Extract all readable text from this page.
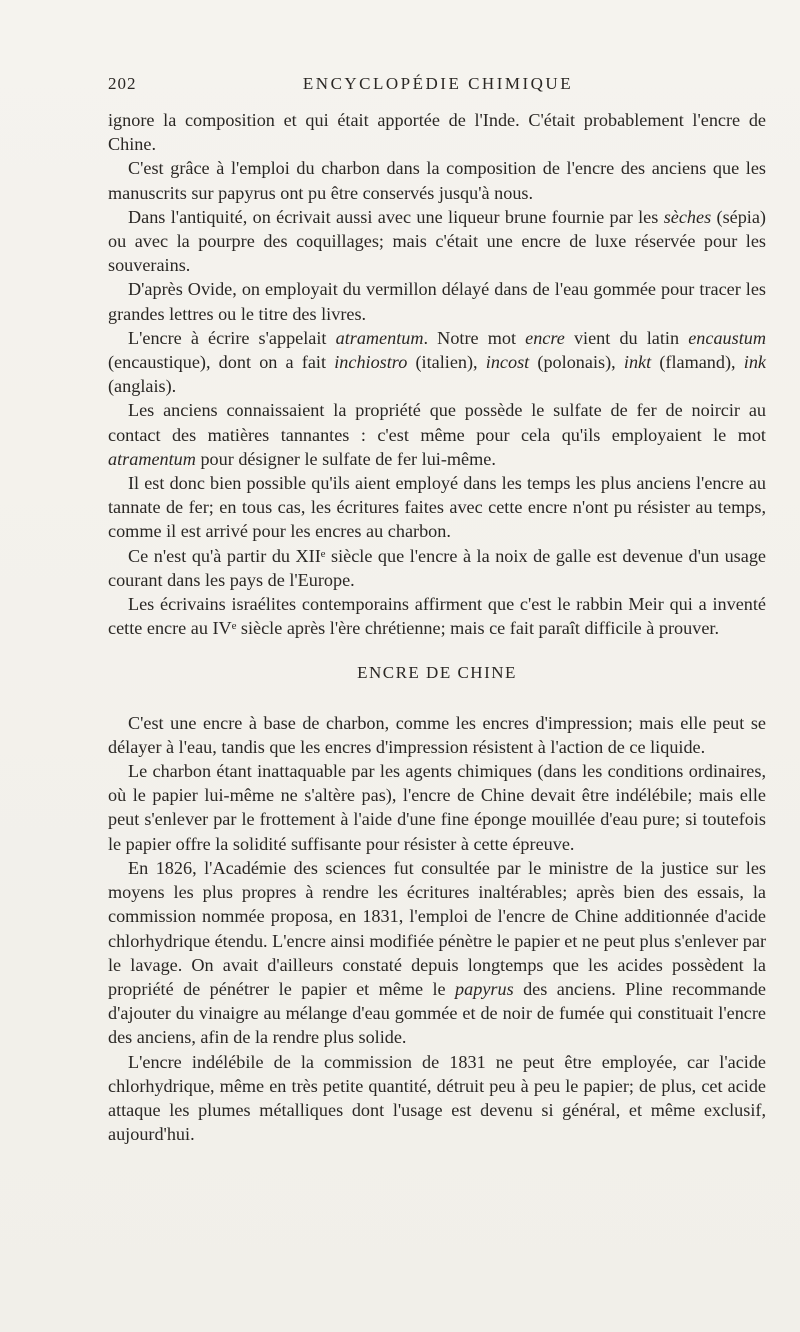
202	ENCYCLOPÉDIE CHIMIQUE

ignore la composition et qui était apportée de l'Inde. C'était probablement l'encre de Chine.

C'est grâce à l'emploi du charbon dans la composition de l'encre des anciens que les manuscrits sur papyrus ont pu être conservés jusqu'à nous.

Dans l'antiquité, on écrivait aussi avec une liqueur brune fournie par les sèches (sépia) ou avec la pourpre des coquillages; mais c'était une encre de luxe réservée pour les souverains.

D'après Ovide, on employait du vermillon délayé dans de l'eau gommée pour tracer les grandes lettres ou le titre des livres.

L'encre à écrire s'appelait atramentum. Notre mot encre vient du latin encaustum (encaustique), dont on a fait inchiostro (italien), incost (polonais), inkt (flamand), ink (anglais).

Les anciens connaissaient la propriété que possède le sulfate de fer de noircir au contact des matières tannantes : c'est même pour cela qu'ils employaient le mot atramentum pour désigner le sulfate de fer lui-même.

Il est donc bien possible qu'ils aient employé dans les temps les plus anciens l'encre au tannate de fer; en tous cas, les écritures faites avec cette encre n'ont pu résister au temps, comme il est arrivé pour les encres au charbon.

Ce n'est qu'à partir du XIIᵉ siècle que l'encre à la noix de galle est devenue d'un usage courant dans les pays de l'Europe.

Les écrivains israélites contemporains affirment que c'est le rabbin Meir qui a inventé cette encre au IVᵉ siècle après l'ère chrétienne; mais ce fait paraît difficile à prouver.

ENCRE DE CHINE

C'est une encre à base de charbon, comme les encres d'impression; mais elle peut se délayer à l'eau, tandis que les encres d'impression résistent à l'action de ce liquide.

Le charbon étant inattaquable par les agents chimiques (dans les conditions ordinaires, où le papier lui-même ne s'altère pas), l'encre de Chine devait être indélébile; mais elle peut s'enlever par le frottement à l'aide d'une fine éponge mouillée d'eau pure; si toutefois le papier offre la solidité suffisante pour résister à cette épreuve.

En 1826, l'Académie des sciences fut consultée par le ministre de la justice sur les moyens les plus propres à rendre les écritures inaltérables; après bien des essais, la commission nommée proposa, en 1831, l'emploi de l'encre de Chine additionnée d'acide chlorhydrique étendu. L'encre ainsi modifiée pénètre le papier et ne peut plus s'enlever par le lavage. On avait d'ailleurs constaté depuis longtemps que les acides possèdent la propriété de pénétrer le papier et même le papyrus des anciens. Pline recommande d'ajouter du vinaigre au mélange d'eau gommée et de noir de fumée qui constituait l'encre des anciens, afin de la rendre plus solide.

L'encre indélébile de la commission de 1831 ne peut être employée, car l'acide chlorhydrique, même en très petite quantité, détruit peu à peu le papier; de plus, cet acide attaque les plumes métalliques dont l'usage est devenu si général, et même exclusif, aujourd'hui.
